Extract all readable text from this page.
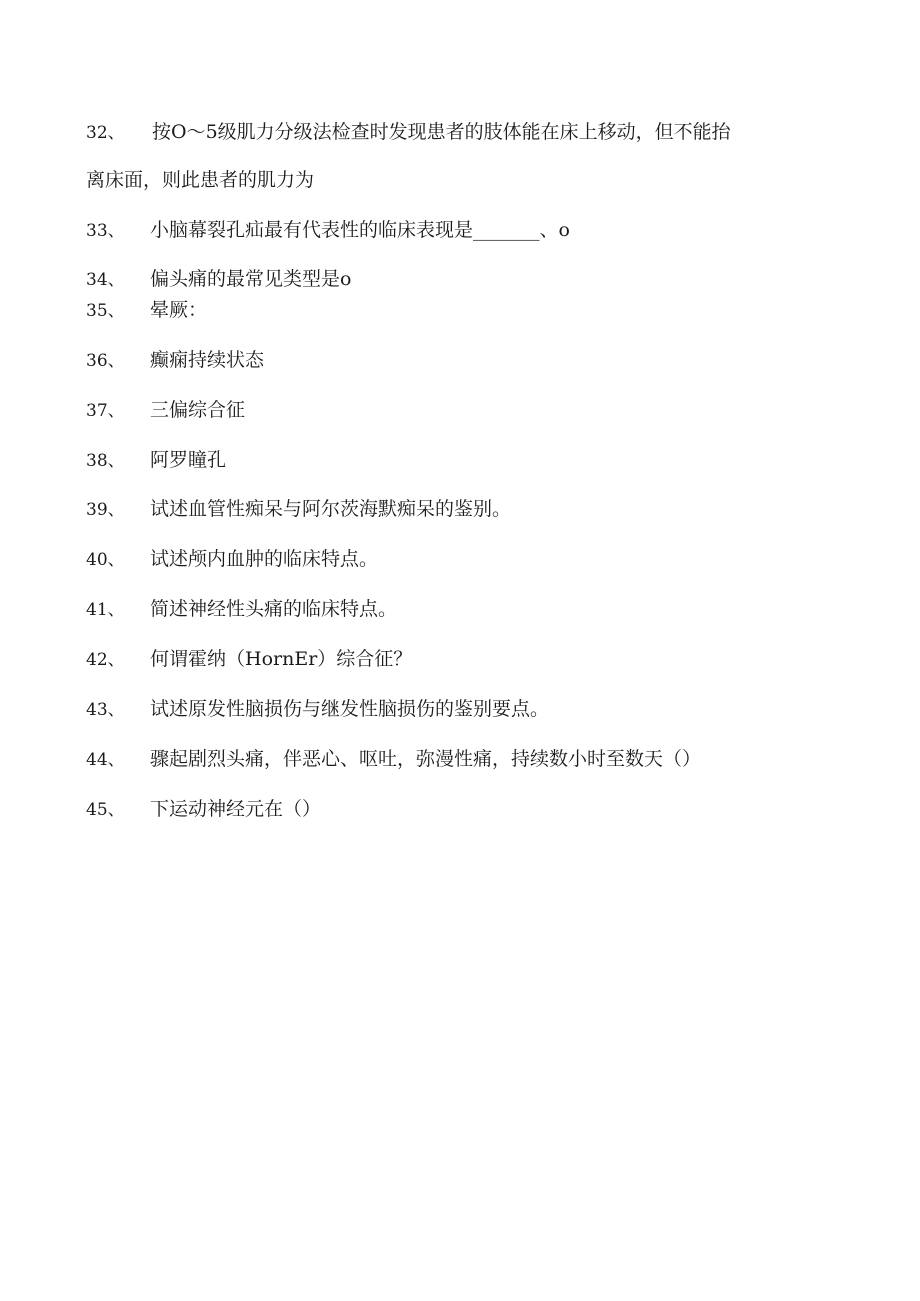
32、 按O～5级肌力分级法检查时发现患者的肢体能在床上移动，但不能抬
离床面，则此患者的肌力为
33、 小脑幕裂孔疝最有代表性的临床表现是_______、o
34、 偏头痛的最常见类型是o
35、 晕厥：
36、 癫痫持续状态
37、 三偏综合征
38、 阿罗瞳孔
39、 试述血管性痴呆与阿尔茨海默痴呆的鉴别。
40、 试述颅内血肿的临床特点。
41、 简述神经性头痛的临床特点。
42、 何谓霍纳（HornEr）综合征？
43、 试述原发性脑损伤与继发性脑损伤的鉴别要点。
44、 骤起剧烈头痛，伴恶心、呕吐，弥漫性痛，持续数小时至数天（）
45、 下运动神经元在（）
